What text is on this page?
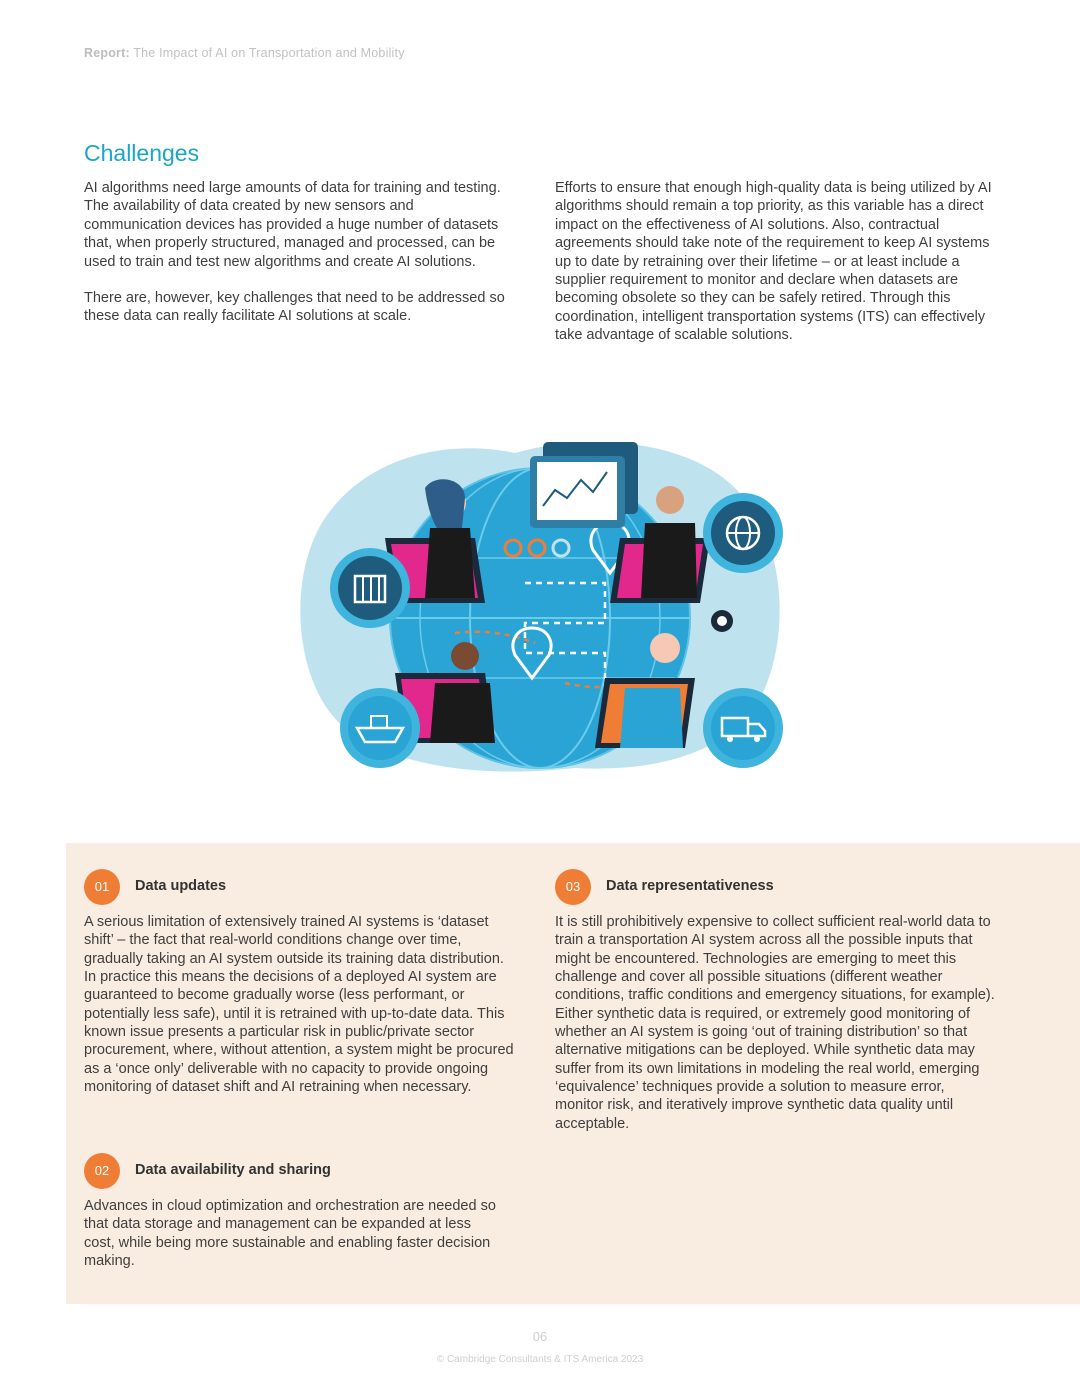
Report: The Impact of AI on Transportation and Mobility
Challenges

AI algorithms need large amounts of data for training and testing. The availability of data created by new sensors and communication devices has provided a huge number of datasets that, when properly structured, managed and processed, can be used to train and test new algorithms and create AI solutions.

There are, however, key challenges that need to be addressed so these data can really facilitate AI solutions at scale.

Efforts to ensure that enough high-quality data is being utilized by AI algorithms should remain a top priority, as this variable has a direct impact on the effectiveness of AI solutions. Also, contractual agreements should take note of the requirement to keep AI systems up to date by retraining over their lifetime – or at least include a supplier requirement to monitor and declare when datasets are becoming obsolete so they can be safely retired. Through this coordination, intelligent transportation systems (ITS) can effectively take advantage of scalable solutions.

01	Data updates
A serious limitation of extensively trained AI systems is ‘dataset shift’ – the fact that real-world conditions change over time, gradually taking an AI system outside its training data distribution. In practice this means the decisions of a deployed AI system are guaranteed to become gradually worse (less performant, or potentially less safe), until it is retrained with up-to-date data. This known issue presents a particular risk in public/private sector procurement, where, without attention, a system might be procured as a ‘once only’ deliverable with no capacity to provide ongoing monitoring of dataset shift and AI retraining when necessary.
02	Data availability and sharing
Advances in cloud optimization and orchestration are needed so that data storage and management can be expanded at less cost, while being more sustainable and enabling faster decision making.
03	Data representativeness
It is still prohibitively expensive to collect sufficient real-world data to train a transportation AI system across all the possible inputs that might be encountered. Technologies are emerging to meet this challenge and cover all possible situations (different weather conditions, traffic conditions and emergency situations, for example). Either synthetic data is required, or extremely good monitoring of whether an AI system is going ‘out of training distribution’ so that alternative mitigations can be deployed. While synthetic data may suffer from its own limitations in modeling the real world, emerging ‘equivalence’ techniques provide a solution to measure error, monitor risk, and iteratively improve synthetic data quality until acceptable.
06
© Cambridge Consultants & ITS America 2023
